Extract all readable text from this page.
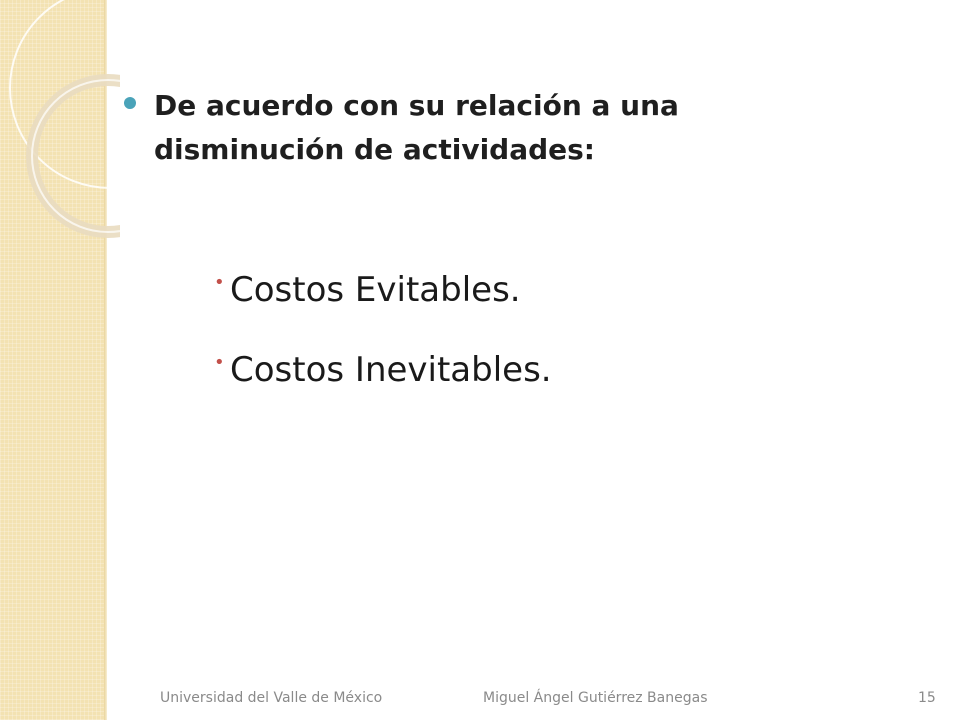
De acuerdo con su relación a una disminución de actividades:

• Costos Evitables.
• Costos Inevitables.
Universidad del Valle de México	Miguel Ángel Gutiérrez Banegas	15
